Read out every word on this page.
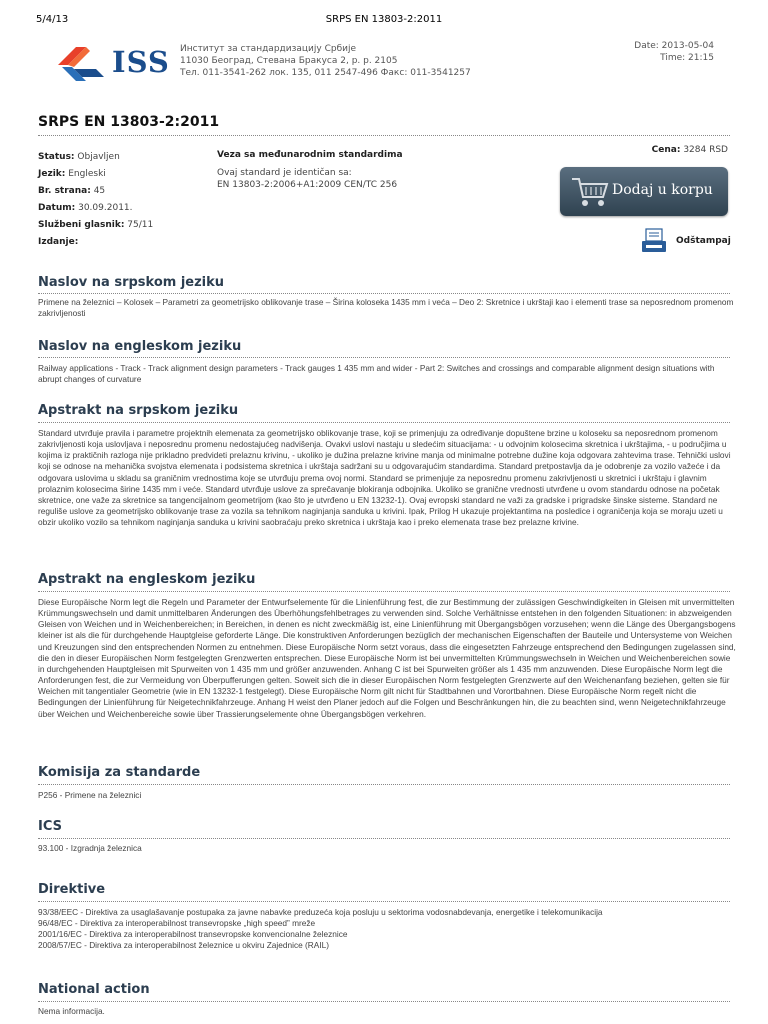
5/4/13	SRPS EN 13803-2:2011
ISS Институт за стандардизацију Србије
11030 Београд, Стевана Бракуса 2, р. р. 2105
Тел. 011-3541-262 лок. 135, 011 2547-496 Факс: 011-3541257
Date: 2013-05-04
Time: 21:15
SRPS EN 13803-2:2011
Status: Objavljen
Jezik: Engleski
Br. strana: 45
Datum: 30.09.2011.
Službeni glasnik: 75/11
Izdanje:
Veza sa međunarodnim standardima
Ovaj standard je identičan sa:
EN 13803-2:2006+A1:2009 CEN/TC 256
Cena: 3284 RSD
Dodaj u korpu
Odštampaj
Naslov na srpskom jeziku
Primene na železnici – Kolosek – Parametri za geometrijsko oblikovanje trase – Širina koloseka 1435 mm i veća – Deo 2: Skretnice i ukrštaji kao i elementi trase sa neposrednom promenom zakrivljenosti
Naslov na engleskom jeziku
Railway applications - Track - Track alignment design parameters - Track gauges 1 435 mm and wider - Part 2: Switches and crossings and comparable alignment design situations with abrupt changes of curvature
Apstrakt na srpskom jeziku
Standard utvrđuje pravila i parametre projektnih elemenata za geometrijsko oblikovanje trase, koji se primenjuju za određivanje dopuštene brzine u koloseku sa neposrednom promenom zakrivljenosti koja uslovljava i neposrednu promenu nedostajućeg nadvišenja. Ovakvi uslovi nastaju u sledećim situacijama: - u odvojnim kolosecima skretnica i ukrštajima, - u područjima u kojima iz praktičnih razloga nije prikladno predvideti prelaznu krivinu, - ukoliko je dužina prelazne krivine manja od minimalne potrebne dužine koja odgovara zahtevima trase. Tehnički uslovi koji se odnose na mehanička svojstva elemenata i podsistema skretnica i ukrštaja sadržani su u odgovarajućim standardima. Standard pretpostavlja da je odobrenje za vozilo važeće i da odgovara uslovima u skladu sa graničnim vrednostima koje se utvrđuju prema ovoj normi. Standard se primenjuje za neposrednu promenu zakrivljenosti u skretnici i ukrštaju i glavnim prolaznim kolosecima širine 1435 mm i veće. Standard utvrđuje uslove za sprečavanje blokiranja odbojnika. Ukoliko se granične vrednosti utvrđene u ovom standardu odnose na početak skretnice, one važe za skretnice sa tangencijalnom geometrijom (kao što je utvrđeno u EN 13232-1). Ovaj evropski standard ne važi za gradske i prigradske šinske sisteme. Standard ne reguliše uslove za geometrijsko oblikovanje trase za vozila sa tehnikom naginjanja sanduka u krivini. Ipak, Prilog H ukazuje projektantima na posledice i ograničenja koja se moraju uzeti u obzir ukoliko vozilo sa tehnikom naginjanja sanduka u krivini saobraćaju preko skretnica i ukrštaja kao i preko elemenata trase bez prelazne krivine.
Apstrakt na engleskom jeziku
Diese Europäische Norm legt die Regeln und Parameter der Entwurfselemente für die Linienführung fest, die zur Bestimmung der zulässigen Geschwindigkeiten in Gleisen mit unvermittelten Krümmungswechseln und damit unmittelbaren Änderungen des Überhöhungsfehlbetrages zu verwenden sind. Solche Verhältnisse entstehen in den folgenden Situationen: in abzweigenden Gleisen von Weichen und in Weichenbereichen; in Bereichen, in denen es nicht zweckmäßig ist, eine Linienführung mit Übergangsbögen vorzusehen; wenn die Länge des Übergangsbogens kleiner ist als die für durchgehende Hauptgleise geforderte Länge. Die konstruktiven Anforderungen bezüglich der mechanischen Eigenschaften der Bauteile und Untersysteme von Weichen und Kreuzungen sind den entsprechenden Normen zu entnehmen. Diese Europäische Norm setzt voraus, dass die eingesetzten Fahrzeuge entsprechend den Bedingungen zugelassen sind, die den in dieser Europäischen Norm festgelegten Grenzwerten entsprechen. Diese Europäische Norm ist bei unvermittelten Krümmungswechseln in Weichen und Weichenbereichen sowie in durchgehenden Hauptgleisen mit Spurweiten von 1 435 mm und größer anzuwenden. Anhang C ist bei Spurweiten größer als 1 435 mm anzuwenden. Diese Europäische Norm legt die Anforderungen fest, die zur Vermeidung von Überpufferungen gelten. Soweit sich die in dieser Europäischen Norm festgelegten Grenzwerte auf den Weichenanfang beziehen, gelten sie für Weichen mit tangentialer Geometrie (wie in EN 13232-1 festgelegt). Diese Europäische Norm gilt nicht für Stadtbahnen und Vorortbahnen. Diese Europäische Norm regelt nicht die Bedingungen der Linienführung für Neigetechnikfahrzeuge. Anhang H weist den Planer jedoch auf die Folgen und Beschränkungen hin, die zu beachten sind, wenn Neigetechnikfahrzeuge über Weichen und Weichenbereiche sowie über Trassierungselemente ohne Übergangsbögen verkehren.
Komisija za standarde
P256 - Primene na železnici
ICS
93.100 - Izgradnja železnica
Direktive
93/38/EEC - Direktiva za usaglašavanje postupaka za javne nabavke preduzeća koja posluju u sektorima vodosnabdevanja, energetike i telekomunikacija
96/48/EC - Direktiva za interoperabilnost transevropske „high speed” mreže
2001/16/EC - Direktiva za interoperabilnost transevropske konvencionalne železnice
2008/57/EC - Direktiva za interoperabilnost železnice u okviru Zajednice (RAIL)
National action
Nema informacija.
